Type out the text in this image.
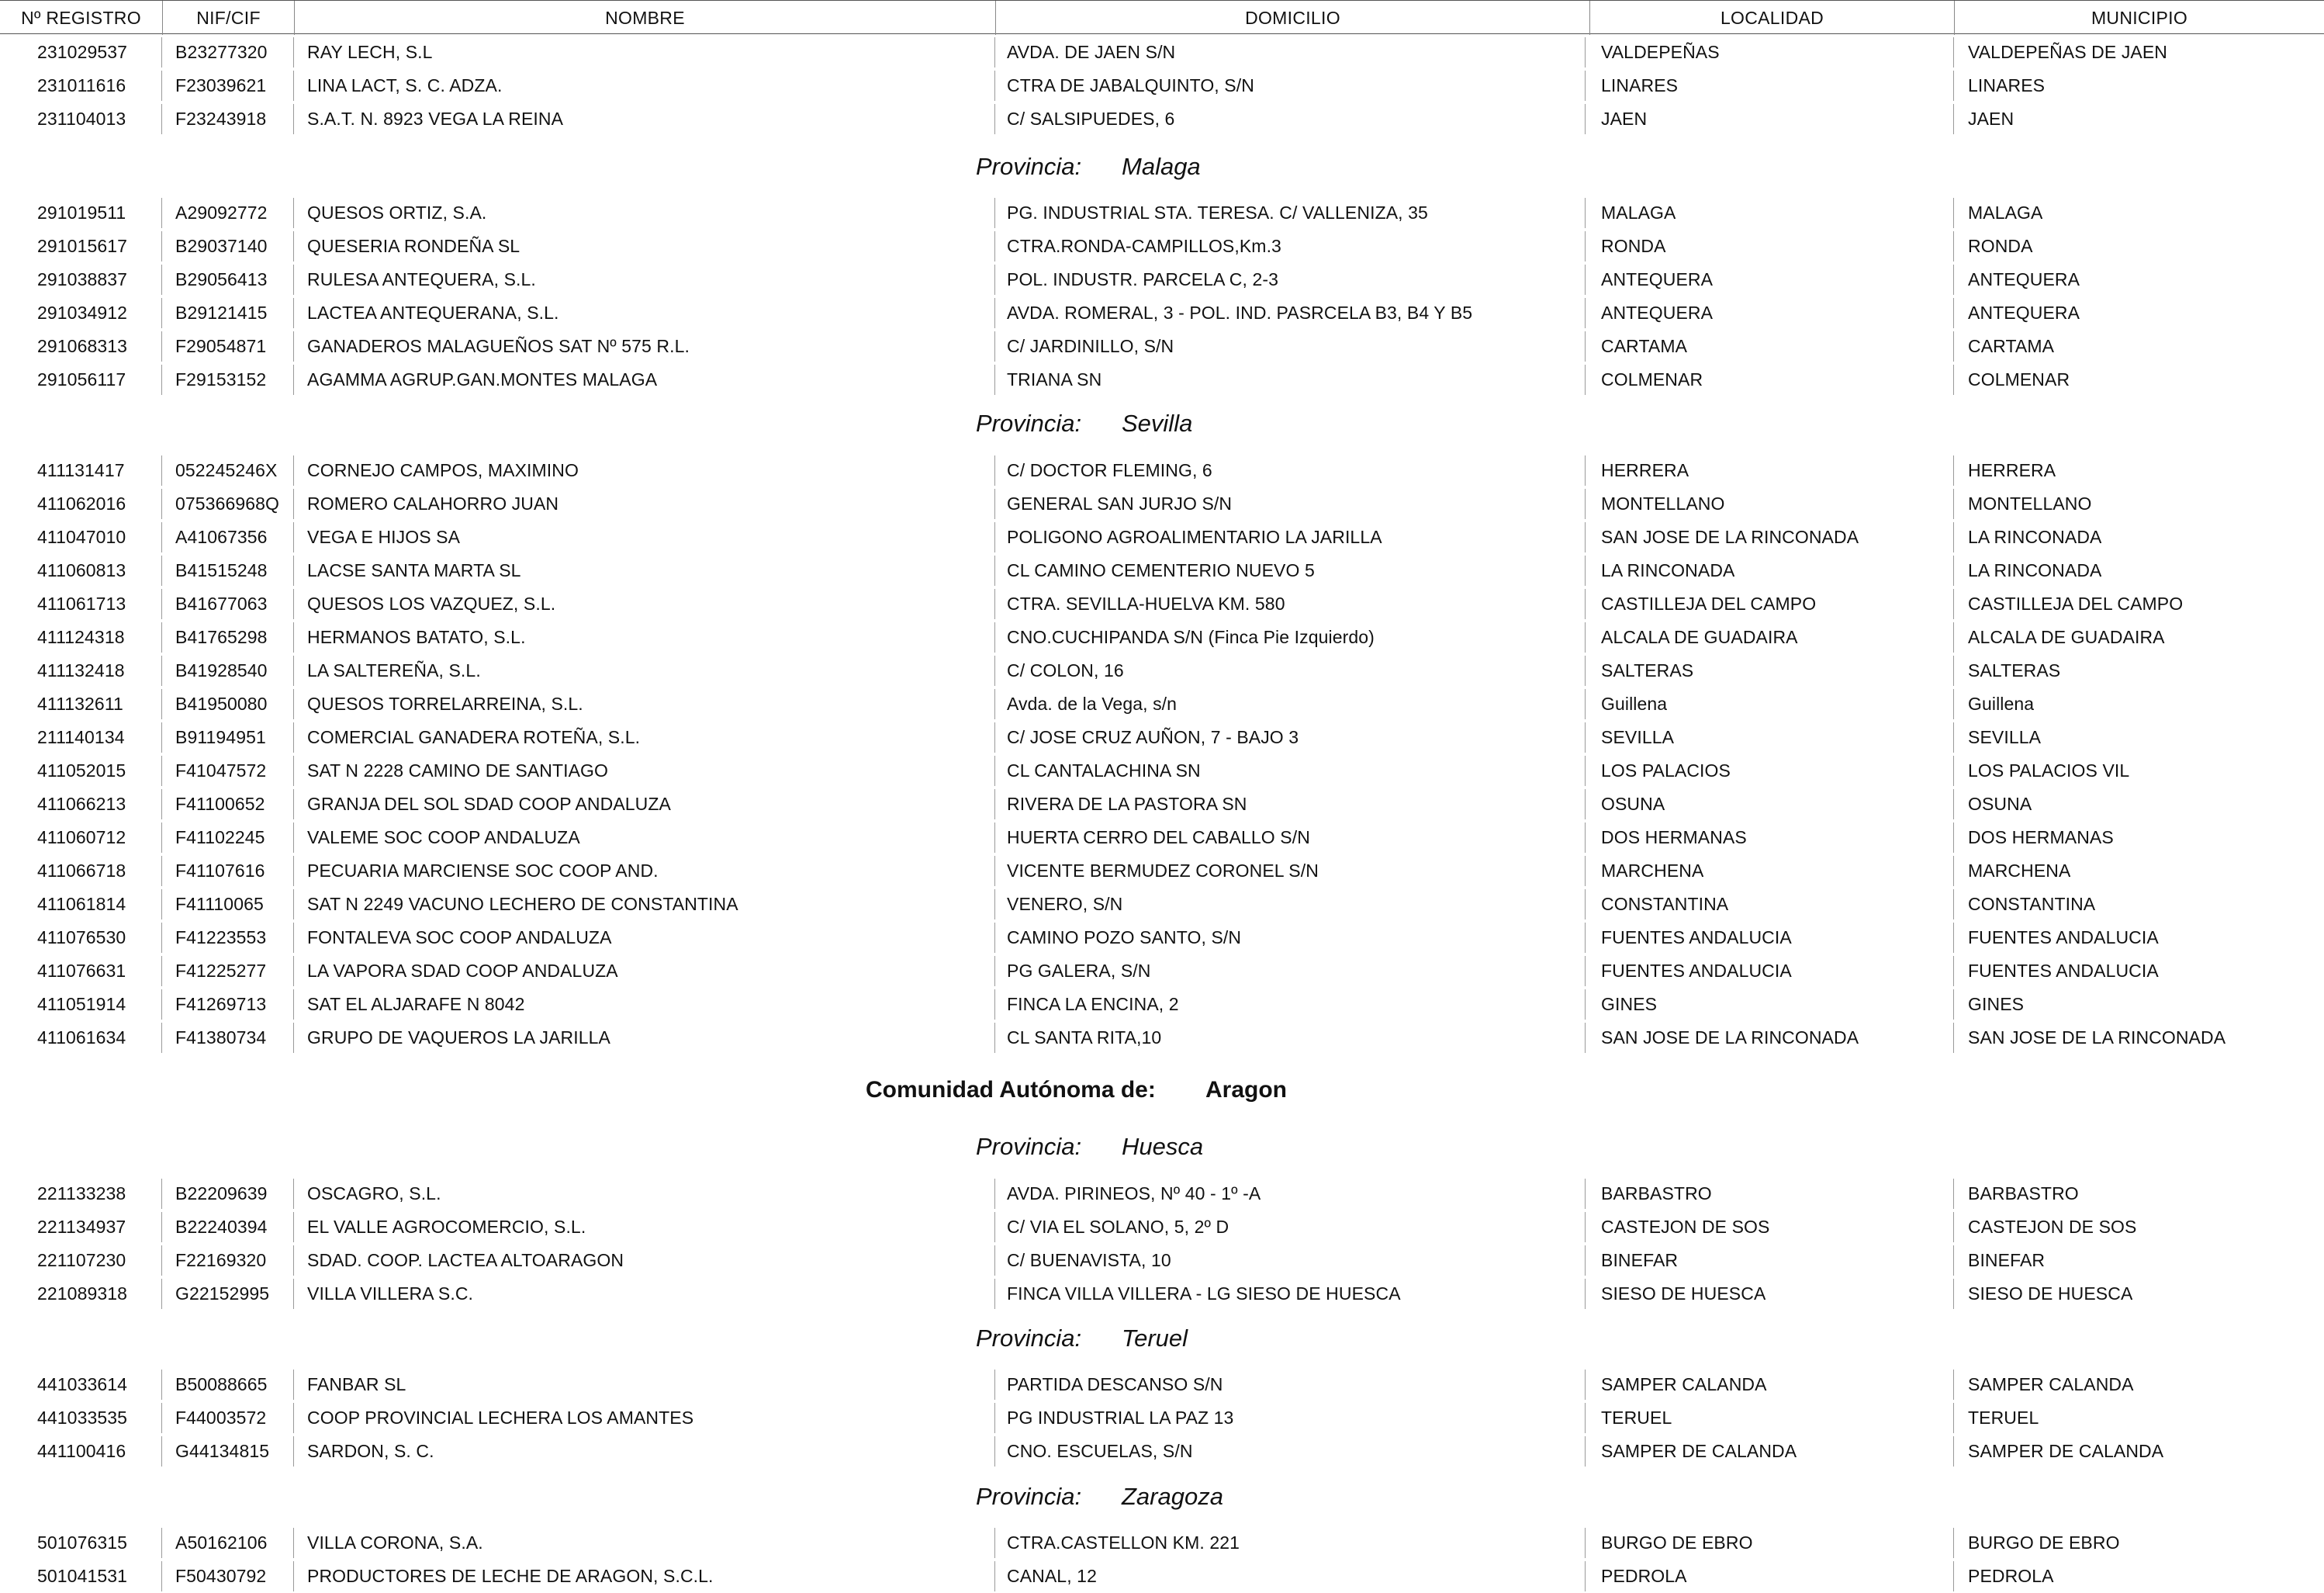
Nº REGISTRO	NIF/CIF	NOMBRE	DOMICILIO	LOCALIDAD	MUNICIPIO
231029537	B23277320 RAY LECH, S.L	AVDA. DE JAEN S/N	VALDEPEÑAS	VALDEPEÑAS DE JAEN
231011616	F23039621 LINA LACT, S. C. ADZA.	CTRA DE JABALQUINTO, S/N	LINARES	LINARES
231104013	F23243918 S.A.T. N. 8923 VEGA LA REINA	C/ SALSIPUEDES, 6	JAEN	JAEN
Provincia: Malaga
291019511	A29092772 QUESOS ORTIZ, S.A.	PG. INDUSTRIAL STA. TERESA. C/ VALLENIZA, 35	MALAGA	MALAGA
291015617	B29037140 QUESERIA RONDEÑA SL	CTRA.RONDA-CAMPILLOS,Km.3	RONDA	RONDA
291038837	B29056413 RULESA ANTEQUERA, S.L.	POL. INDUSTR. PARCELA C, 2-3	ANTEQUERA	ANTEQUERA
291034912	B29121415 LACTEA ANTEQUERANA, S.L.	AVDA. ROMERAL, 3 - POL. IND. PASRCELA B3, B4 Y B5	ANTEQUERA	ANTEQUERA
291068313	F29054871 GANADEROS MALAGUEÑOS SAT Nº 575 R.L.	C/ JARDINILLO, S/N	CARTAMA	CARTAMA
291056117	F29153152 AGAMMA AGRUP.GAN.MONTES MALAGA	TRIANA SN	COLMENAR	COLMENAR
Provincia: Sevilla
411131417	052245246X CORNEJO CAMPOS, MAXIMINO	C/ DOCTOR FLEMING, 6	HERRERA	HERRERA
411062016	075366968Q ROMERO CALAHORRO JUAN	GENERAL SAN JURJO S/N	MONTELLANO	MONTELLANO
411047010	A41067356 VEGA E HIJOS SA	POLIGONO AGROALIMENTARIO LA JARILLA	SAN JOSE DE LA RINCONADA	LA RINCONADA
411060813	B41515248 LACSE SANTA MARTA SL	CL CAMINO CEMENTERIO NUEVO 5	LA RINCONADA	LA RINCONADA
411061713	B41677063 QUESOS LOS VAZQUEZ, S.L.	CTRA. SEVILLA-HUELVA KM. 580	CASTILLEJA DEL CAMPO	CASTILLEJA DEL CAMPO
411124318	B41765298 HERMANOS BATATO, S.L.	CNO.CUCHIPANDA S/N (Finca Pie Izquierdo)	ALCALA DE GUADAIRA	ALCALA DE GUADAIRA
411132418	B41928540 LA SALTEREÑA, S.L.	C/ COLON, 16	SALTERAS	SALTERAS
411132611	B41950080 QUESOS TORRELARREINA, S.L.	Avda. de la Vega, s/n	Guillena	Guillena
211140134	B91194951 COMERCIAL GANADERA ROTEÑA, S.L.	C/ JOSE CRUZ AUÑON, 7 - BAJO 3	SEVILLA	SEVILLA
411052015	F41047572 SAT N 2228 CAMINO DE SANTIAGO	CL CANTALACHINA SN	LOS PALACIOS	LOS PALACIOS VIL
411066213	F41100652 GRANJA DEL SOL SDAD COOP ANDALUZA	RIVERA DE LA PASTORA SN	OSUNA	OSUNA
411060712	F41102245 VALEME SOC COOP ANDALUZA	HUERTA CERRO DEL CABALLO S/N	DOS HERMANAS	DOS HERMANAS
411066718	F41107616 PECUARIA MARCIENSE SOC COOP AND.	VICENTE BERMUDEZ CORONEL S/N	MARCHENA	MARCHENA
411061814	F41110065 SAT N 2249 VACUNO LECHERO DE CONSTANTINA	VENERO, S/N	CONSTANTINA	CONSTANTINA
411076530	F41223553 FONTALEVA SOC COOP ANDALUZA	CAMINO POZO SANTO, S/N	FUENTES ANDALUCIA	FUENTES ANDALUCIA
411076631	F41225277 LA VAPORA SDAD COOP ANDALUZA	PG GALERA, S/N	FUENTES ANDALUCIA	FUENTES ANDALUCIA
411051914	F41269713 SAT EL ALJARAFE N 8042	FINCA LA ENCINA, 2	GINES	GINES
411061634	F41380734 GRUPO DE VAQUEROS LA JARILLA	CL SANTA RITA,10	SAN JOSE DE LA RINCONADA	SAN JOSE DE LA RINCONADA
Comunidad Autónoma de: Aragon
Provincia: Huesca
221133238	B22209639 OSCAGRO, S.L.	AVDA. PIRINEOS, Nº 40 - 1º -A	BARBASTRO	BARBASTRO
221134937	B22240394 EL VALLE AGROCOMERCIO, S.L.	C/ VIA EL SOLANO, 5, 2º D	CASTEJON DE SOS	CASTEJON DE SOS
221107230	F22169320 SDAD. COOP. LACTEA ALTOARAGON	C/ BUENAVISTA, 10	BINEFAR	BINEFAR
221089318	G22152995 VILLA VILLERA S.C.	FINCA VILLA VILLERA - LG SIESO DE HUESCA	SIESO DE HUESCA	SIESO DE HUESCA
Provincia: Teruel
441033614	B50088665 FANBAR SL	PARTIDA DESCANSO S/N	SAMPER CALANDA	SAMPER CALANDA
441033535	F44003572 COOP PROVINCIAL LECHERA LOS AMANTES	PG INDUSTRIAL LA PAZ 13	TERUEL	TERUEL
441100416	G44134815 SARDON, S. C.	CNO. ESCUELAS, S/N	SAMPER DE CALANDA	SAMPER DE CALANDA
Provincia: Zaragoza
501076315	A50162106 VILLA CORONA, S.A.	CTRA.CASTELLON KM. 221	BURGO DE EBRO	BURGO DE EBRO
501041531	F50430792 PRODUCTORES DE LECHE DE ARAGON, S.C.L.	CANAL, 12	PEDROLA	PEDROLA
